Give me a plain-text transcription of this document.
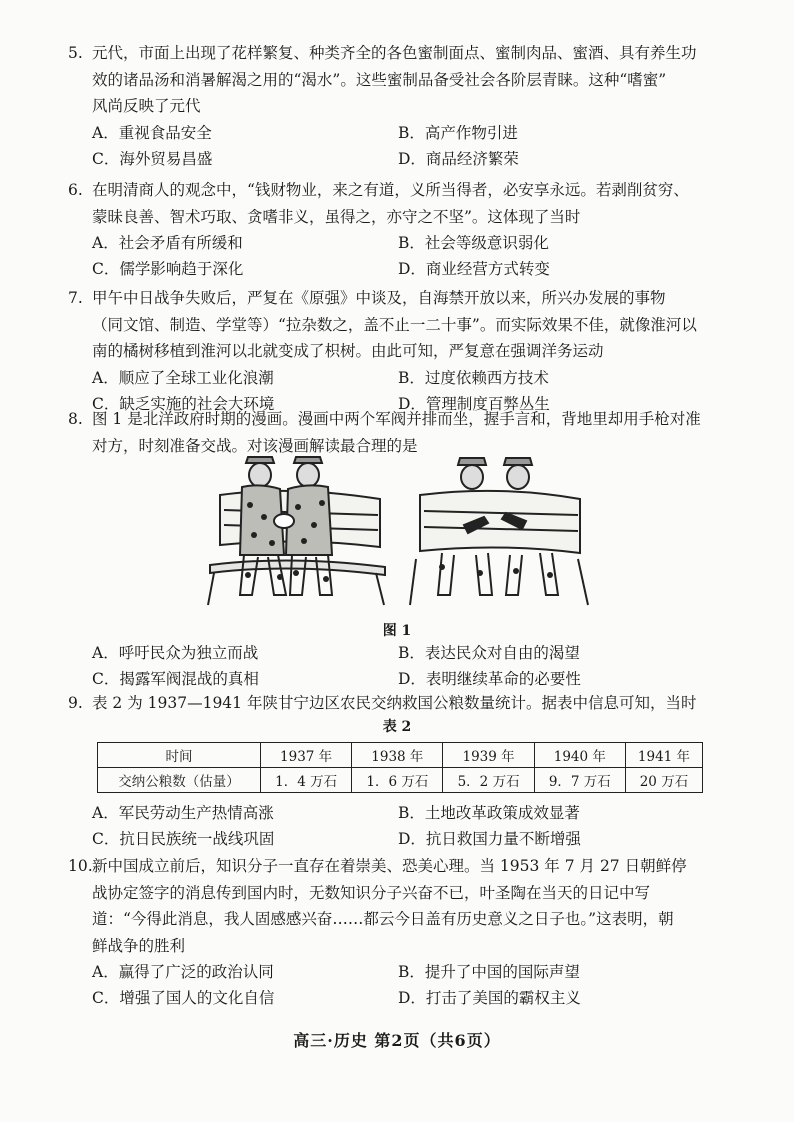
5. 元代，市面上出现了花样繁复、种类齐全的各色蜜制面点、蜜制肉品、蜜酒、具有养生功
效的诸品汤和消暑解渴之用的“渴水”。这些蜜制品备受社会各阶层青睐。这种“嗜蜜”
风尚反映了元代
A．重视食品安全	B．高产作物引进
C．海外贸易昌盛	D．商品经济繁荣
6. 在明清商人的观念中，“钱财物业，来之有道，义所当得者，必安享永远。若剥削贫穷、
蒙昧良善、智术巧取、贪嗜非义，虽得之，亦守之不坚”。这体现了当时
A．社会矛盾有所缓和	B．社会等级意识弱化
C．儒学影响趋于深化	D．商业经营方式转变
7. 甲午中日战争失败后，严复在《原强》中谈及，自海禁开放以来，所兴办发展的事物
（同文馆、制造、学堂等）“拉杂数之，盖不止一二十事”。而实际效果不佳，就像淮河以
南的橘树移植到淮河以北就变成了枳树。由此可知，严复意在强调洋务运动
A．顺应了全球工业化浪潮	B．过度依赖西方技术
C．缺乏实施的社会大环境	D．管理制度百弊丛生
8. 图 1 是北洋政府时期的漫画。漫画中两个军阀并排而坐，握手言和，背地里却用手枪对准
对方，时刻准备交战。对该漫画解读最合理的是
图 1
A．呼吁民众为独立而战	B．表达民众对自由的渴望
C．揭露军阀混战的真相	D．表明继续革命的必要性
9. 表 2 为 1937—1941 年陕甘宁边区农民交纳救国公粮数量统计。据表中信息可知，当时
表 2
时间	1937 年	1938 年	1939 年	1940 年	1941 年
交纳公粮数（估量）	1．4 万石	1．6 万石	5．2 万石	9．7 万石	20 万石
A．军民劳动生产热情高涨	B．土地改革政策成效显著
C．抗日民族统一战线巩固	D．抗日救国力量不断增强
10. 新中国成立前后，知识分子一直存在着崇美、恐美心理。当 1953 年 7 月 27 日朝鲜停
战协定签字的消息传到国内时，无数知识分子兴奋不已，叶圣陶在当天的日记中写
道：“今得此消息，我人固感感兴奋……都云今日盖有历史意义之日子也。”这表明，朝
鲜战争的胜利
A．赢得了广泛的政治认同	B．提升了中国的国际声望
C．增强了国人的文化自信	D．打击了美国的霸权主义
高三·历史 第2页（共6页）
